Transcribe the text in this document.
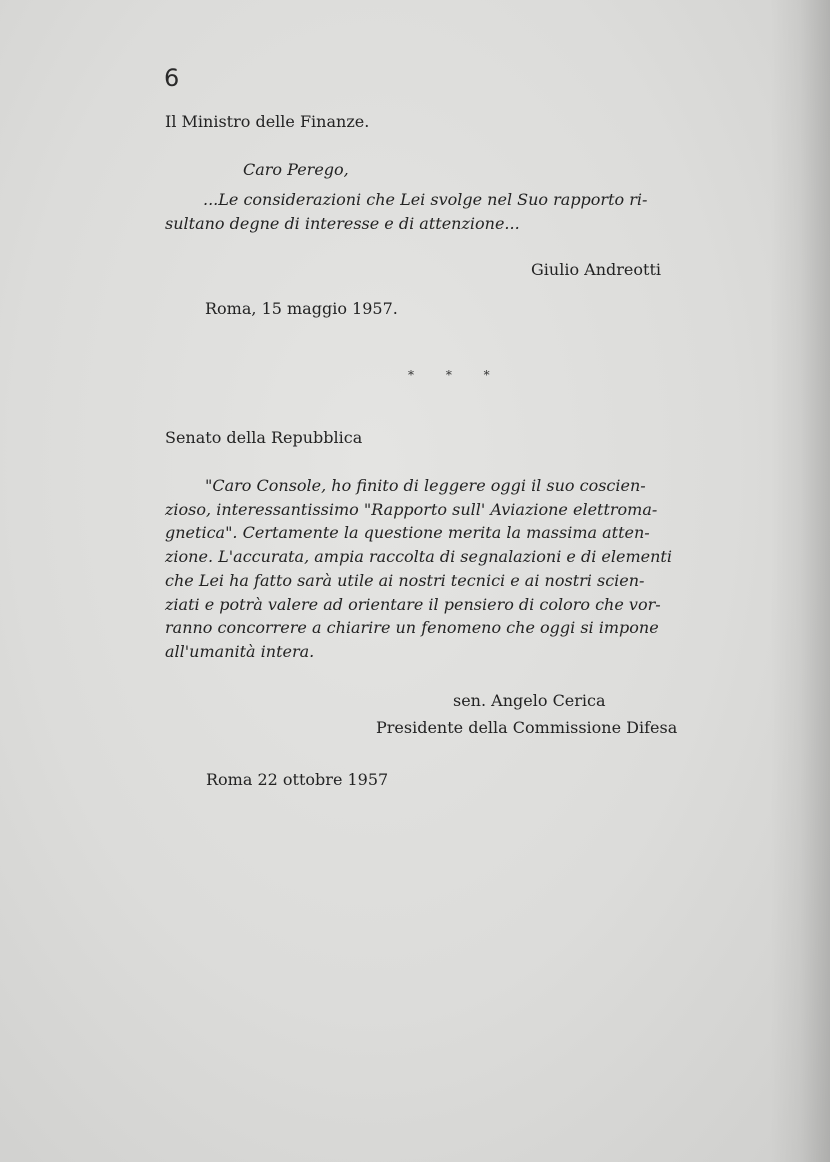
6
Il Ministro delle Finanze.
Caro Perego,
...Le considerazioni che Lei svolge nel Suo rapporto ri-
sultano degne di interesse e di attenzione...
Giulio Andreotti
Roma, 15 maggio 1957.
* * *
Senato della Repubblica

"Caro Console, ho finito di leggere oggi il suo coscien-

zioso, interessantissimo "Rapporto sull' Aviazione elettroma-

gnetica". Certamente la questione merita la massima atten-

zione. L'accurata, ampia raccolta di segnalazioni e di elementi

che Lei ha fatto sarà utile ai nostri tecnici e ai nostri scien-

ziati e potrà valere ad orientare il pensiero di coloro che vor-

ranno concorrere a chiarire un fenomeno che oggi si impone

all'umanità intera.

sen. Angelo Cerica
Presidente della Commissione Difesa
Roma 22 ottobre 1957
